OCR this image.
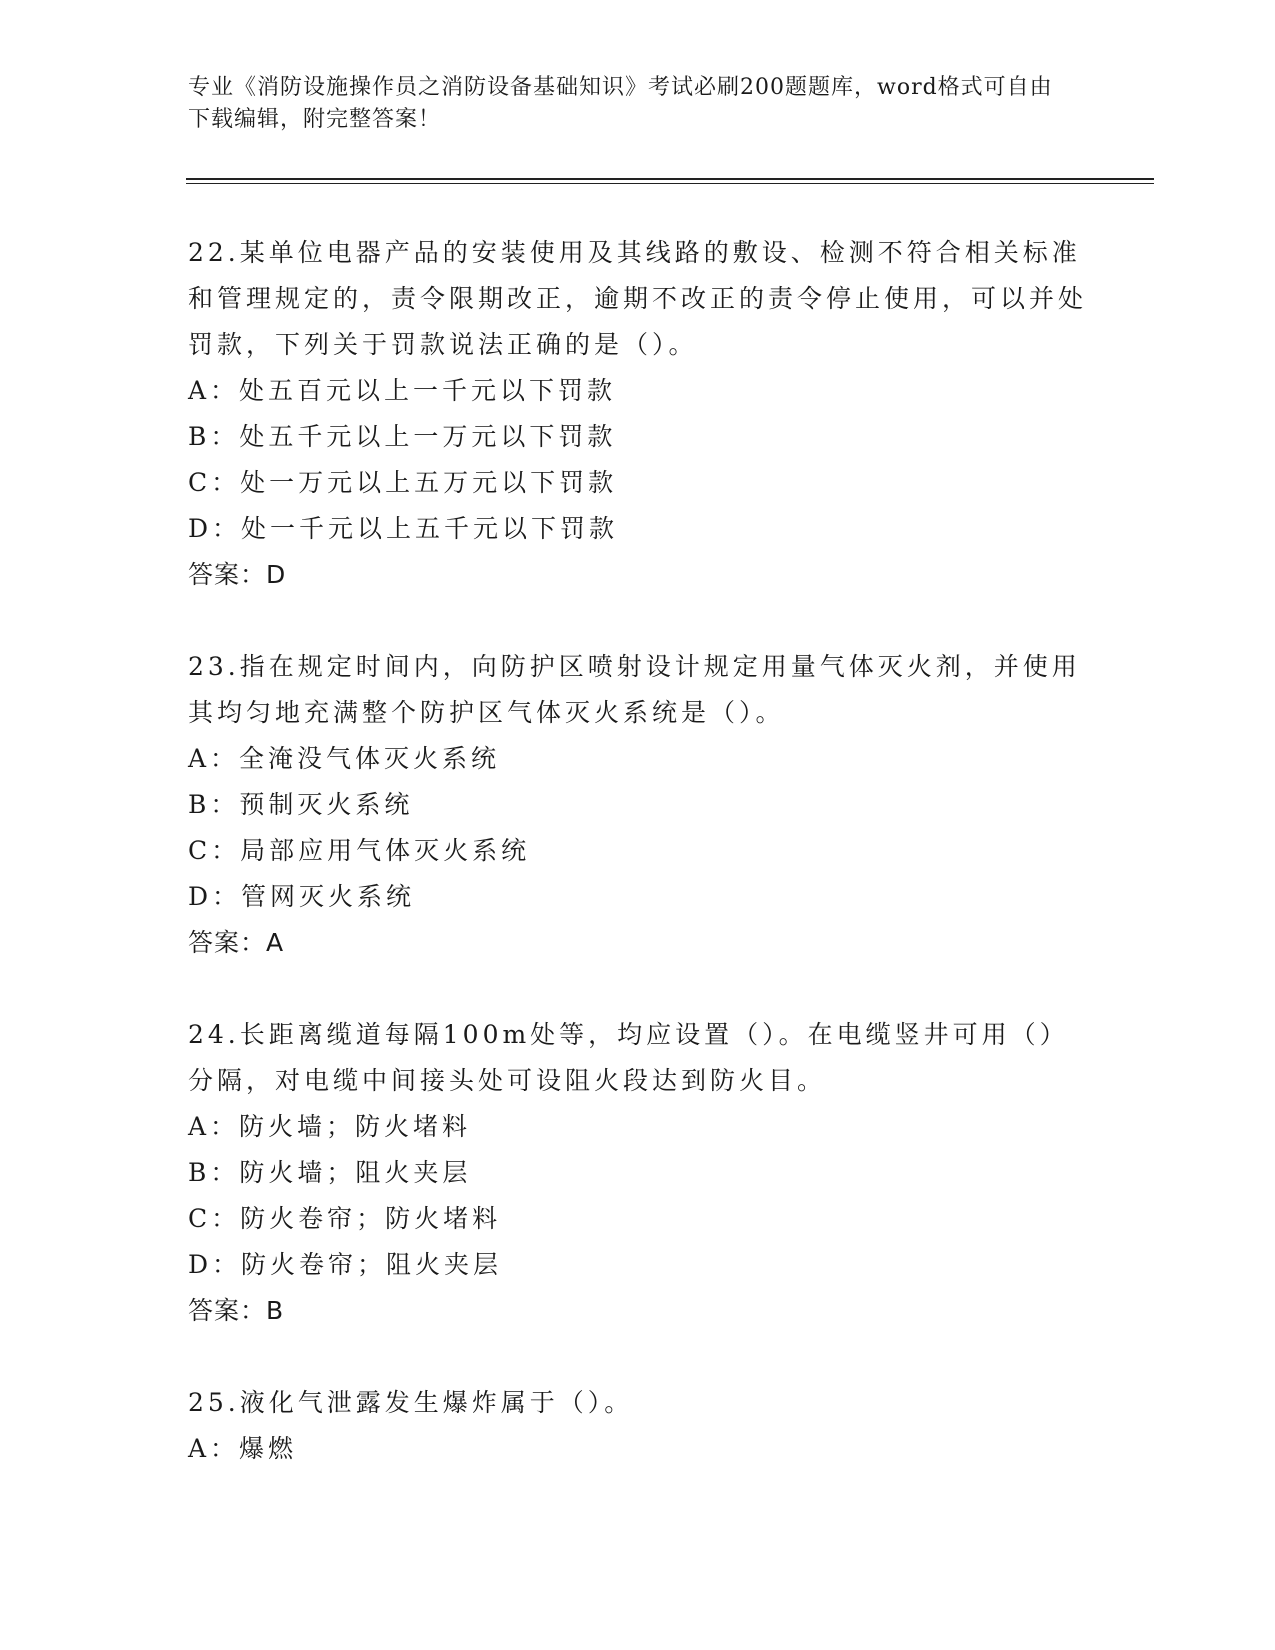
专业《消防设施操作员之消防设备基础知识》考试必刷200题题库，word格式可自由下载编辑，附完整答案！

22.某单位电器产品的安装使用及其线路的敷设、检测不符合相关标准和管理规定的，责令限期改正，逾期不改正的责令停止使用，可以并处罚款，下列关于罚款说法正确的是（）。

A：处五百元以上一千元以下罚款

B：处五千元以上一万元以下罚款

C：处一万元以上五万元以下罚款

D：处一千元以上五千元以下罚款

答案：D

23.指在规定时间内，向防护区喷射设计规定用量气体灭火剂，并使用其均匀地充满整个防护区气体灭火系统是（）。

A：全淹没气体灭火系统

B：预制灭火系统

C：局部应用气体灭火系统

D：管网灭火系统

答案：A

24.长距离缆道每隔100m处等，均应设置（）。在电缆竖井可用（）分隔，对电缆中间接头处可设阻火段达到防火目。

A：防火墙；防火堵料

B：防火墙；阻火夹层

C：防火卷帘；防火堵料

D：防火卷帘；阻火夹层

答案：B

25.液化气泄露发生爆炸属于（）。

A：爆燃
